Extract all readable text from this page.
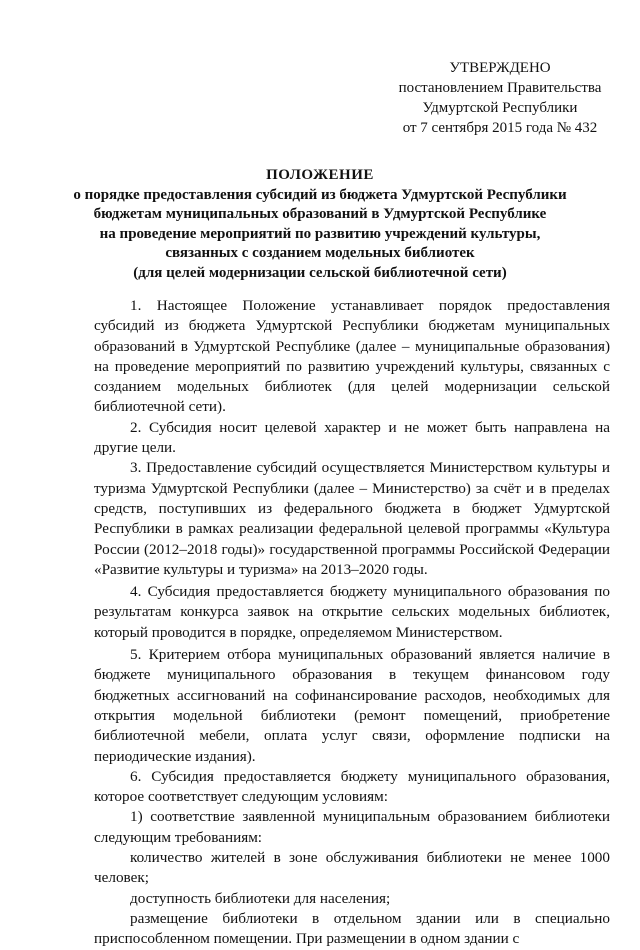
УТВЕРЖДЕНО
постановлением Правительства
Удмуртской Республики
от 7 сентября 2015 года № 432
ПОЛОЖЕНИЕ
о порядке предоставления субсидий из бюджета Удмуртской Республики
бюджетам муниципальных образований в Удмуртской Республике
на проведение мероприятий по развитию учреждений культуры,
связанных с созданием модельных библиотек
(для целей модернизации сельской библиотечной сети)

1. Настоящее Положение устанавливает порядок предоставления субсидий из бюджета Удмуртской Республики бюджетам муниципальных образований в Удмуртской Республике (далее – муниципальные образования) на проведение мероприятий по развитию учреждений культуры, связанных с созданием модельных библиотек (для целей модернизации сельской библиотечной сети).

2. Субсидия носит целевой характер и не может быть направлена на другие цели.

3. Предоставление субсидий осуществляется Министерством культуры и туризма Удмуртской Республики (далее – Министерство) за счёт и в пределах средств, поступивших из федерального бюджета в бюджет Удмуртской Республики в рамках реализации федеральной целевой программы «Культура России (2012–2018 годы)» государственной программы Российской Федерации «Развитие культуры и туризма» на 2013–2020 годы.

4. Субсидия предоставляется бюджету муниципального образования по результатам конкурса заявок на открытие сельских модельных библиотек, который проводится в порядке, определяемом Министерством.

5. Критерием отбора муниципальных образований является наличие в бюджете муниципального образования в текущем финансовом году бюджетных ассигнований на софинансирование расходов, необходимых для открытия модельной библиотеки (ремонт помещений, приобретение библиотечной мебели, оплата услуг связи, оформление подписки на периодические издания).

6. Субсидия предоставляется бюджету муниципального образования, которое соответствует следующим условиям:

1) соответствие заявленной муниципальным образованием библиотеки следующим требованиям:

количество жителей в зоне обслуживания библиотеки не менее 1000 человек;

доступность библиотеки для населения;

размещение библиотеки в отдельном здании или в специально приспособленном помещении. При размещении в одном здании с
